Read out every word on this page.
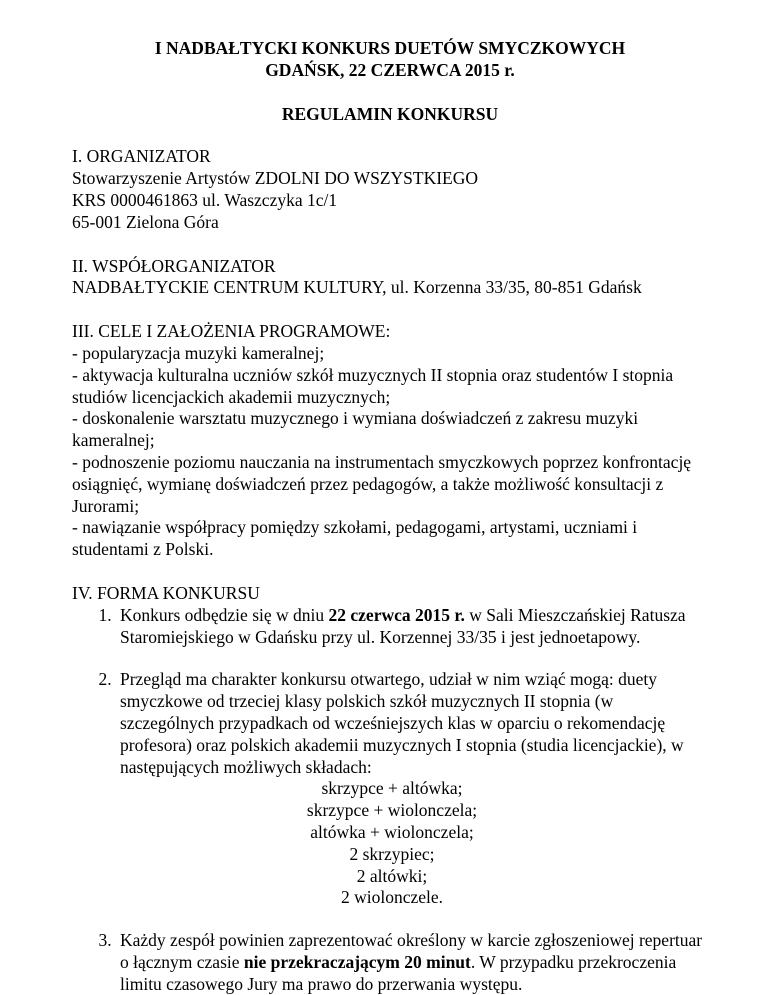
I NADBAŁTYCKI KONKURS DUETÓW SMYCZKOWYCH
GDAŃSK, 22 CZERWCA 2015 r.
REGULAMIN KONKURSU
I. ORGANIZATOR
Stowarzyszenie Artystów ZDOLNI DO WSZYSTKIEGO
KRS 0000461863 ul. Waszczyka 1c/1
65-001 Zielona Góra
II. WSPÓŁORGANIZATOR
NADBAŁTYCKIE CENTRUM KULTURY, ul. Korzenna 33/35, 80-851 Gdańsk
III. CELE I ZAŁOŻENIA PROGRAMOWE:
- popularyzacja muzyki kameralnej;
- aktywacja kulturalna uczniów szkół muzycznych II stopnia oraz studentów I stopnia studiów licencjackich akademii muzycznych;
- doskonalenie warsztatu muzycznego i wymiana doświadczeń z zakresu muzyki kameralnej;
- podnoszenie poziomu nauczania na instrumentach smyczkowych poprzez konfrontację osiągnięć, wymianę doświadczeń przez pedagogów, a także możliwość konsultacji z Jurorami;
- nawiązanie współpracy pomiędzy szkołami, pedagogami, artystami, uczniami i studentami z Polski.
IV. FORMA KONKURSU
1. Konkurs odbędzie się w dniu 22 czerwca 2015 r. w Sali Mieszczańskiej Ratusza Staromiejskiego w Gdańsku przy ul. Korzennej 33/35 i jest jednoetapowy.
2. Przegląd ma charakter konkursu otwartego, udział w nim wziąć mogą: duety smyczkowe od trzeciej klasy polskich szkół muzycznych II stopnia (w szczególnych przypadkach od wcześniejszych klas w oparciu o rekomendację profesora) oraz polskich akademii muzycznych I stopnia (studia licencjackie), w następujących możliwych składach:
skrzypce + altówka;
skrzypce + wiolonczela;
altówka + wiolonczela;
2 skrzypiec;
2 altówki;
2 wiolonczele.
3. Każdy zespół powinien zaprezentować określony w karcie zgłoszeniowej repertuar o łącznym czasie nie przekraczającym 20 minut. W przypadku przekroczenia limitu czasowego Jury ma prawo do przerwania występu.
